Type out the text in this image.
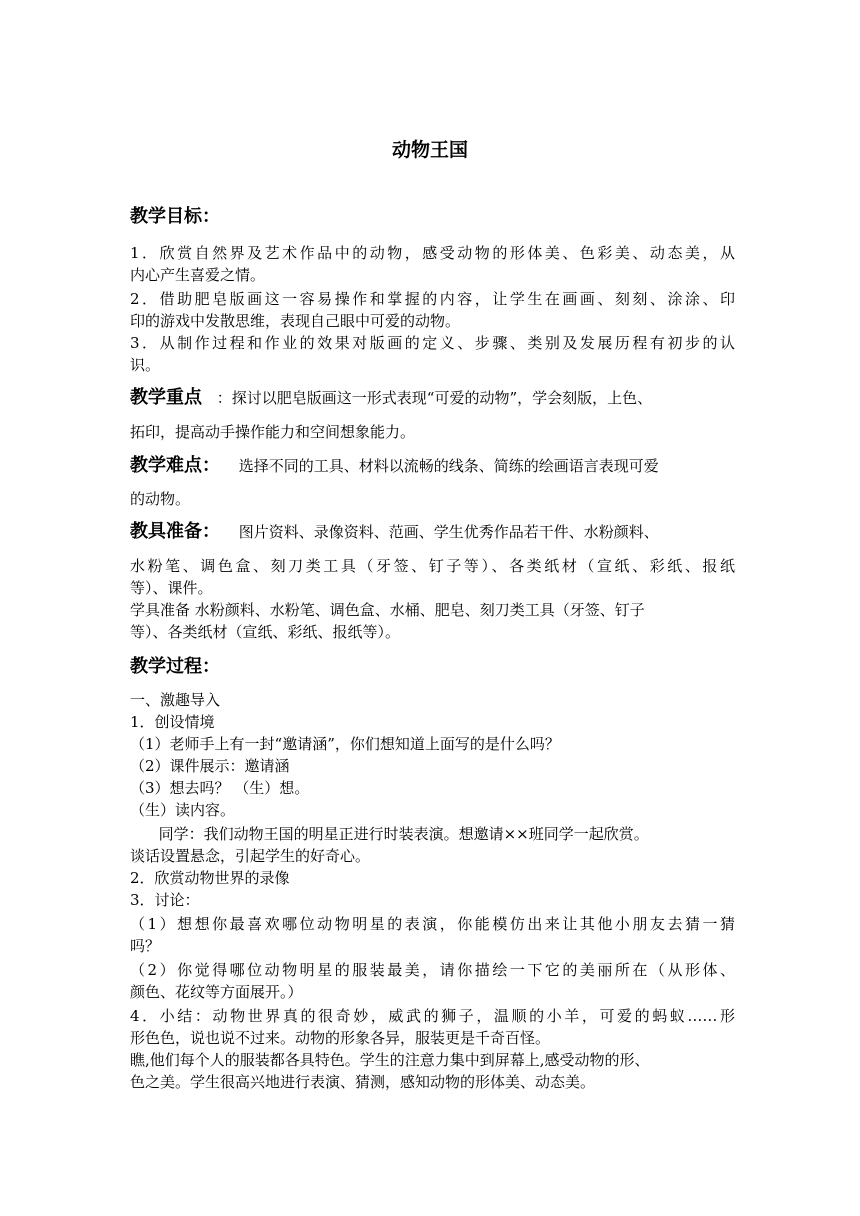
动物王国
教学目标：
1．欣赏自然界及艺术作品中的动物，感受动物的形体美、色彩美、动态美，从
内心产生喜爱之情。
2．借助肥皂版画这一容易操作和掌握的内容，让学生在画画、刻刻、涂涂、印
印的游戏中发散思维，表现自己眼中可爱的动物。
3．从制作过程和作业的效果对版画的定义、步骤、类别及发展历程有初步的认
识。
教学重点 ：探讨以肥皂版画这一形式表现“可爱的动物”，学会刻版，上色、
拓印，提高动手操作能力和空间想象能力。
教学难点： 选择不同的工具、材料以流畅的线条、简练的绘画语言表现可爱
的动物。
教具准备： 图片资料、录像资料、范画、学生优秀作品若干件、水粉颜料、
水粉笔、调色盒、刻刀类工具（牙签、钉子等）、各类纸材（宣纸、彩纸、报纸
等）、课件。
学具准备 水粉颜料、水粉笔、调色盒、水桶、肥皂、刻刀类工具（牙签、钉子
等）、各类纸材（宣纸、彩纸、报纸等）。
教学过程：
一、激趣导入
1．创设情境
（1）老师手上有一封“邀请涵”，你们想知道上面写的是什么吗？
（2）课件展示：邀请涵
（3）想去吗？ （生）想。
（生）读内容。
同学：我们动物王国的明星正进行时装表演。想邀请××班同学一起欣赏。
谈话设置悬念，引起学生的好奇心。
2．欣赏动物世界的录像
3．讨论：
（1）想想你最喜欢哪位动物明星的表演，你能模仿出来让其他小朋友去猜一猜
吗？
（2）你觉得哪位动物明星的服装最美，请你描绘一下它的美丽所在（从形体、
颜色、花纹等方面展开。）
4．小结：动物世界真的很奇妙，威武的狮子，温顺的小羊，可爱的蚂蚁……形
形色色，说也说不过来。动物的形象各异，服装更是千奇百怪。
瞧,他们每个人的服装都各具特色。学生的注意力集中到屏幕上,感受动物的形、
色之美。学生很高兴地进行表演、猜测，感知动物的形体美、动态美。
